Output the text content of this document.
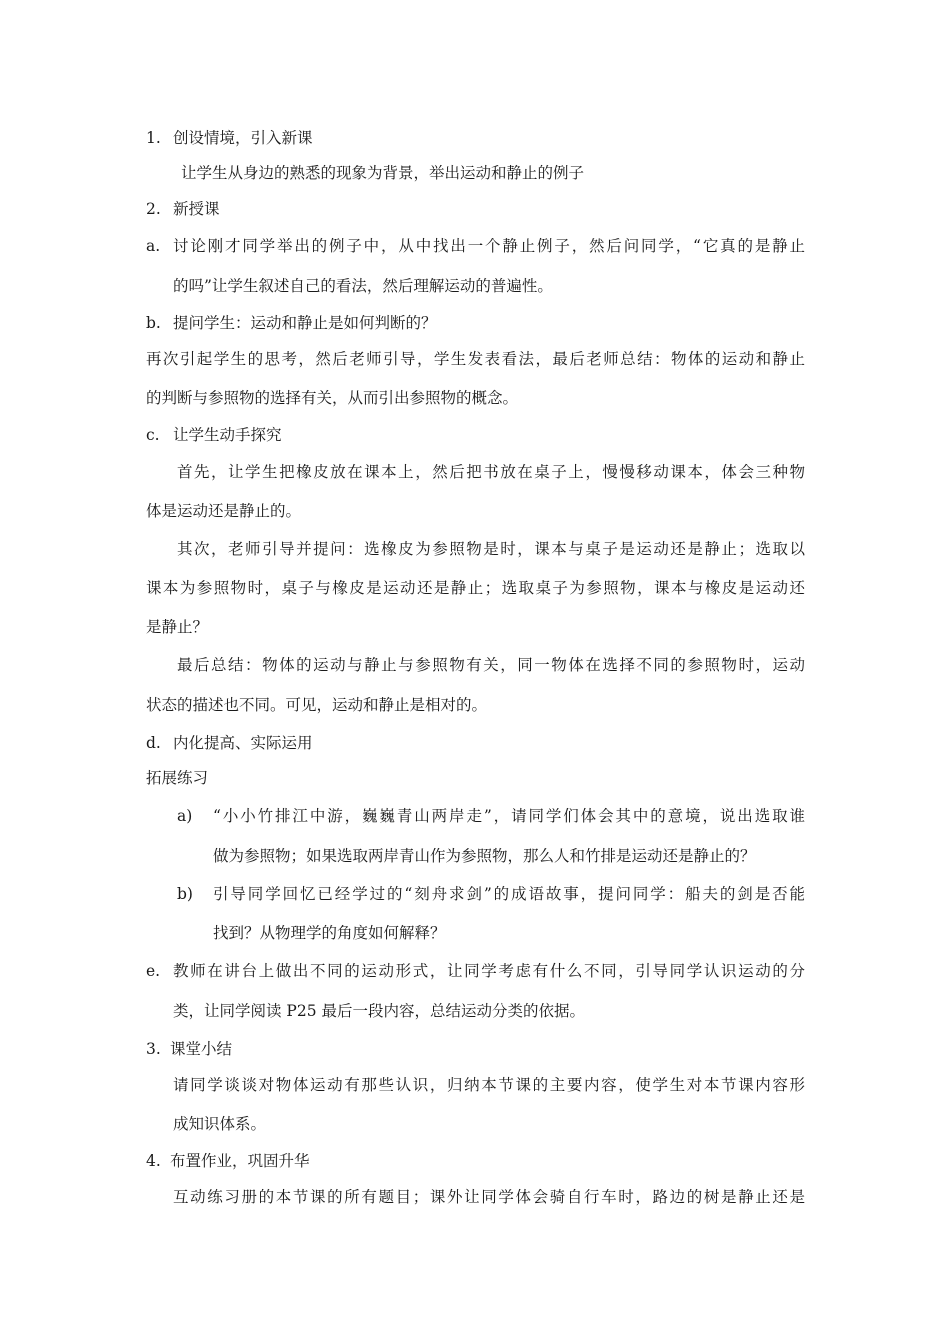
1. 创设情境，引入新课
让学生从身边的熟悉的现象为背景，举出运动和静止的例子
2. 新授课
a. 讨论刚才同学举出的例子中，从中找出一个静止例子，然后问同学，“它真的是静止
的吗”让学生叙述自己的看法，然后理解运动的普遍性。
b. 提问学生：运动和静止是如何判断的？
再次引起学生的思考，然后老师引导，学生发表看法，最后老师总结：物体的运动和静止
的判断与参照物的选择有关，从而引出参照物的概念。
c. 让学生动手探究
首先，让学生把橡皮放在课本上，然后把书放在桌子上，慢慢移动课本，体会三种物
体是运动还是静止的。
其次，老师引导并提问：选橡皮为参照物是时，课本与桌子是运动还是静止；选取以
课本为参照物时，桌子与橡皮是运动还是静止；选取桌子为参照物，课本与橡皮是运动还
是静止？
最后总结：物体的运动与静止与参照物有关，同一物体在选择不同的参照物时，运动
状态的描述也不同。可见，运动和静止是相对的。
d. 内化提高、实际运用
拓展练习
a) “小小竹排江中游，巍巍青山两岸走”，请同学们体会其中的意境，说出选取谁
做为参照物；如果选取两岸青山作为参照物，那么人和竹排是运动还是静止的？
b) 引导同学回忆已经学过的“刻舟求剑”的成语故事，提问同学：船夫的剑是否能
找到？从物理学的角度如何解释？
e. 教师在讲台上做出不同的运动形式，让同学考虑有什么不同，引导同学认识运动的分
类，让同学阅读 P25 最后一段内容，总结运动分类的依据。
3. 课堂小结
请同学谈谈对物体运动有那些认识，归纳本节课的主要内容，使学生对本节课内容形
成知识体系。
4. 布置作业，巩固升华
互动练习册的本节课的所有题目；课外让同学体会骑自行车时，路边的树是静止还是
